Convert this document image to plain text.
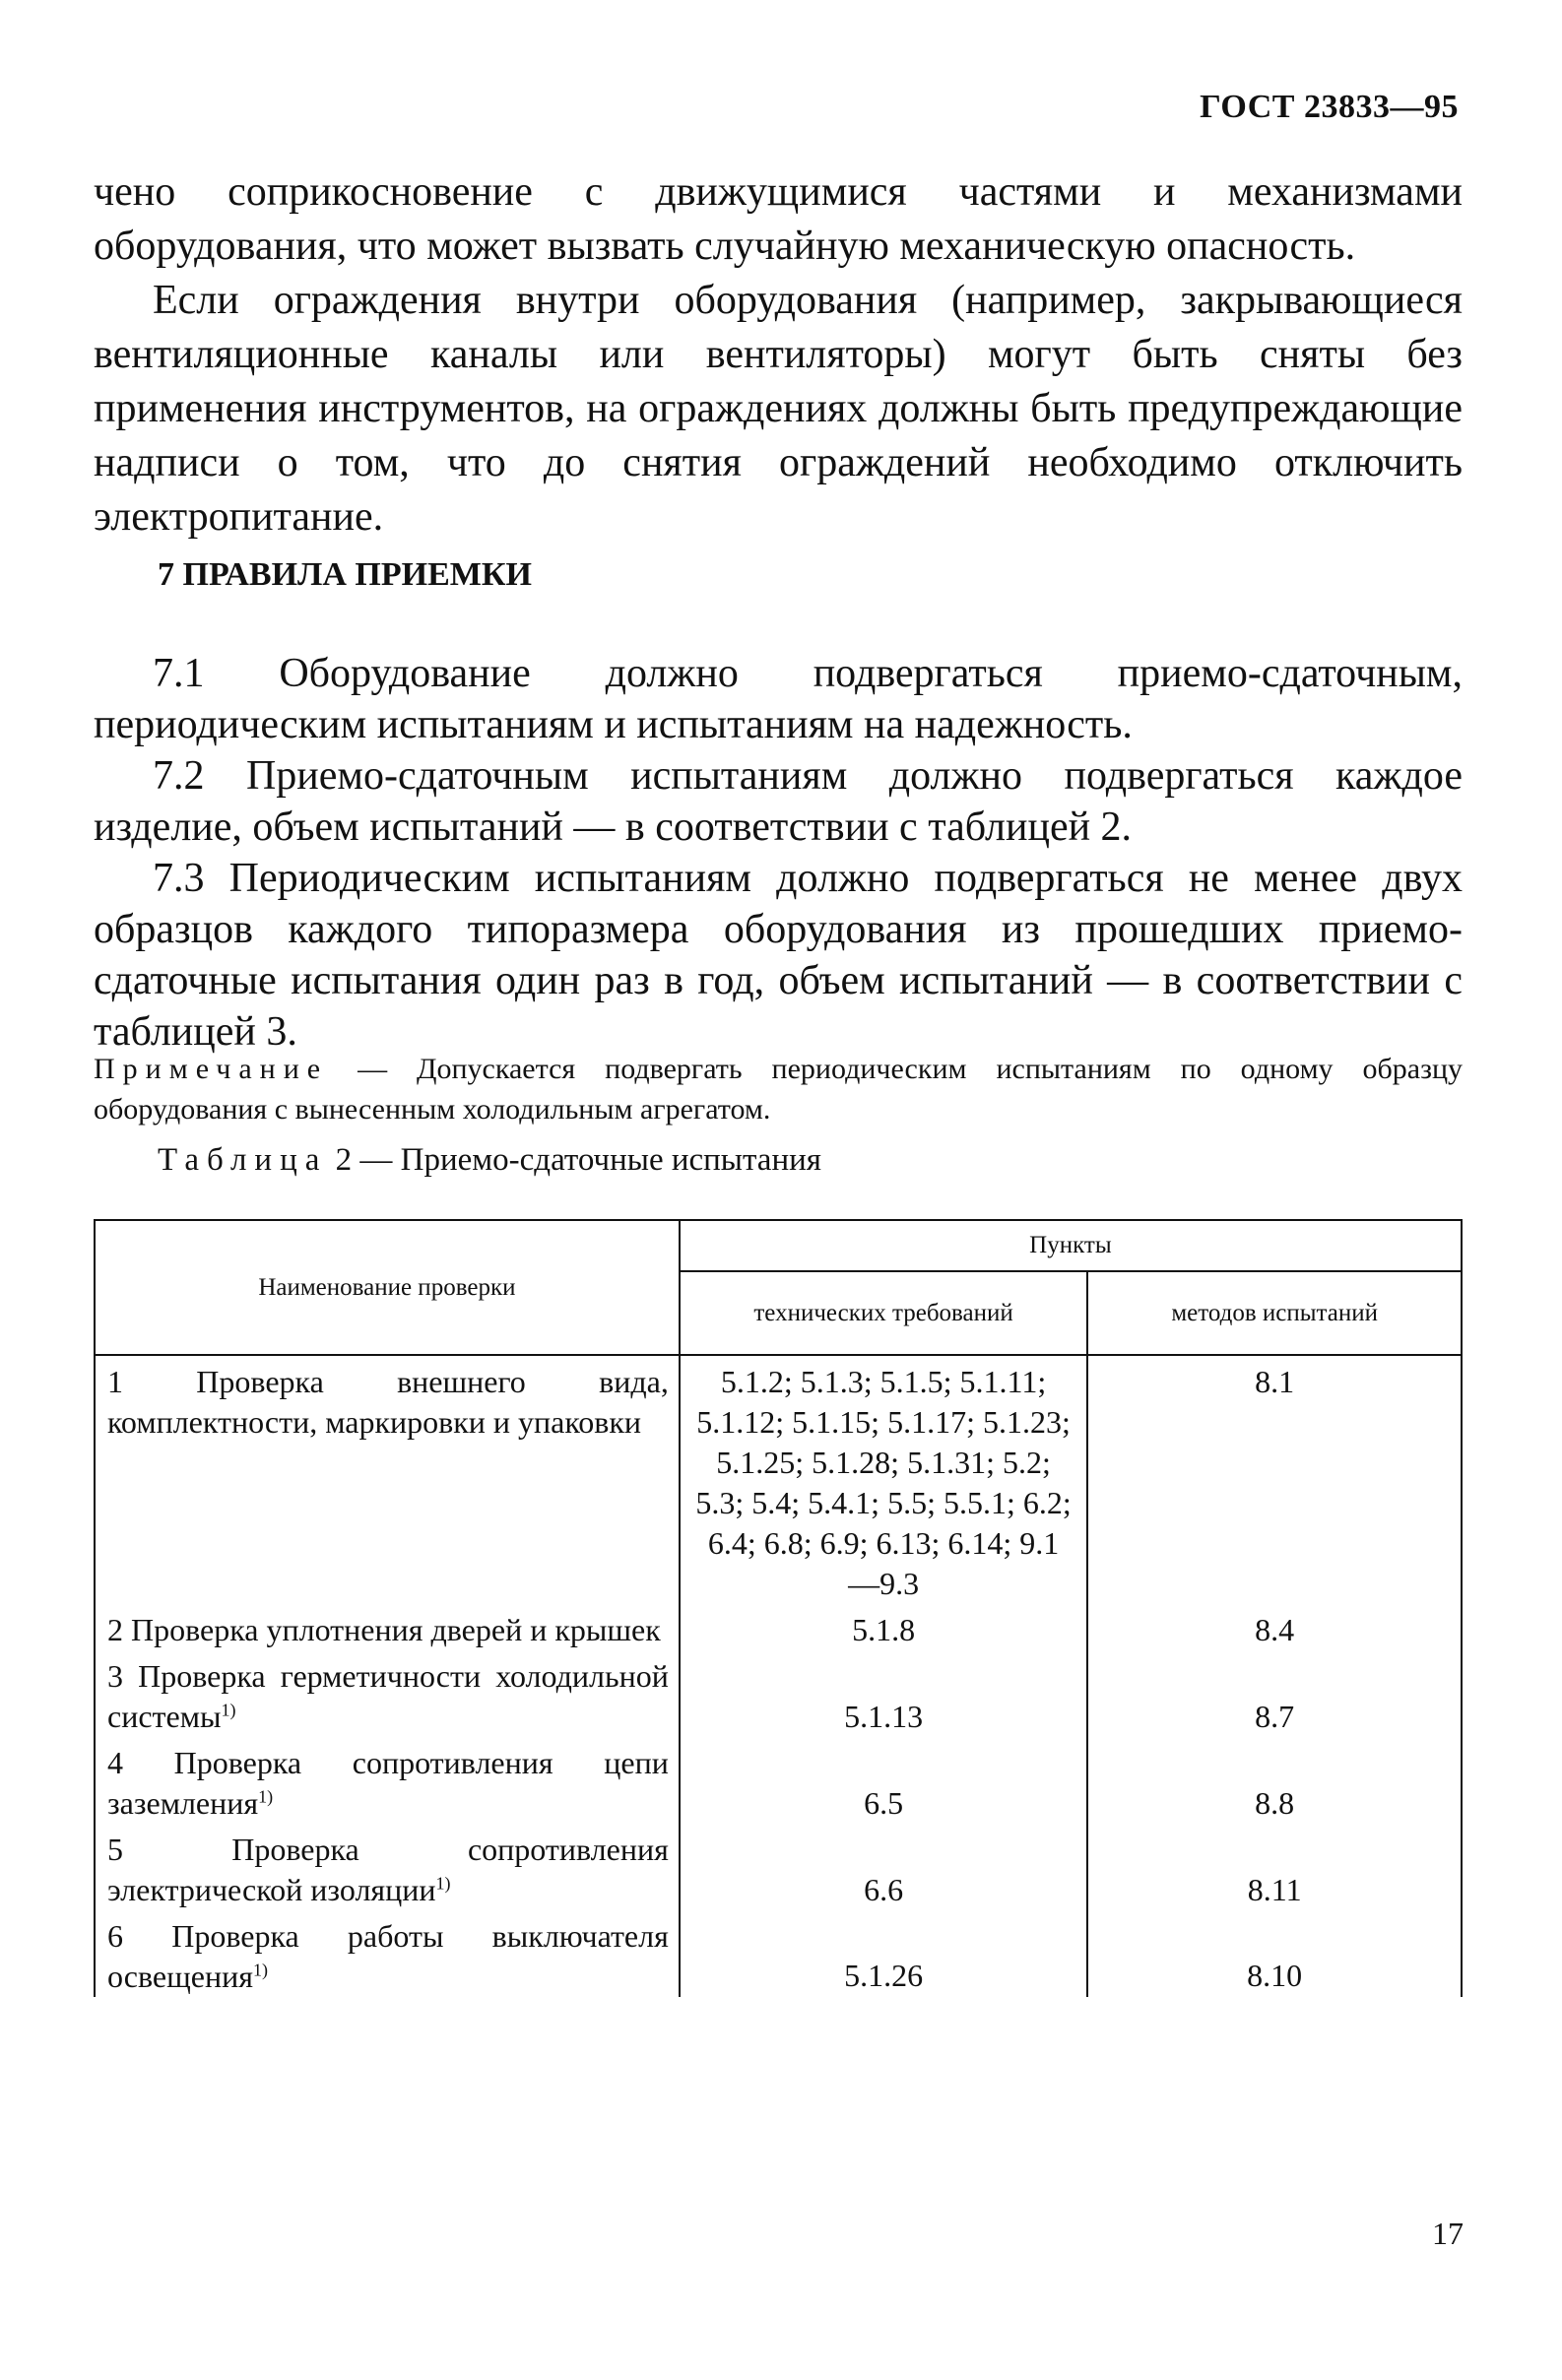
ГОСТ 23833—95

чено соприкосновение с движущимися частями и механизмами оборудования, что может вызвать случайную механическую опасность.

Если ограждения внутри оборудования (например, закрывающиеся вентиляционные каналы или вентиляторы) могут быть сняты без применения инструментов, на ограждениях должны быть предупреждающие надписи о том, что до снятия ограждений необходимо отключить электропитание.

7 ПРАВИЛА ПРИЕМКИ

7.1 Оборудование должно подвергаться приемо-сдаточным, периодическим испытаниям и испытаниям на надежность.

7.2 Приемо-сдаточным испытаниям должно подвергаться каждое изделие, объем испытаний — в соответствии с таблицей 2.

7.3 Периодическим испытаниям должно подвергаться не менее двух образцов каждого типоразмера оборудования из прошедших приемо-сдаточные испытания один раз в год, объем испытаний — в соответствии с таблицей 3.

Примечание — Допускается подвергать периодическим испытаниям по одному образцу оборудования с вынесенным холодильным агрегатом.
Таблица 2 — Приемо-сдаточные испытания
Наименование проверки	Пункты	
	технических требований	методов испытаний

1 Проверка внешнего вида, комплектности, маркировки и упаковки	5.1.2; 5.1.3; 5.1.5; 5.1.11; 5.1.12; 5.1.15; 5.1.17; 5.1.23; 5.1.25; 5.1.28; 5.1.31; 5.2; 5.3; 5.4; 5.4.1; 5.5; 5.5.1; 6.2; 6.4; 6.8; 6.9; 6.13; 6.14; 9.1—9.3	8.1

2 Проверка уплотнения дверей и крышек	5.1.8	8.4

3 Проверка герметичности холодильной системы$^{1)}$	5.1.13	8.7

4 Проверка сопротивления цепи заземления$^{1)}$	6.5	8.8

5 Проверка сопротивления электрической изоляции$^{1)}$	6.6	8.11

6 Проверка работы выключателя освещения$^{1)}$	5.1.26	8.10
17
